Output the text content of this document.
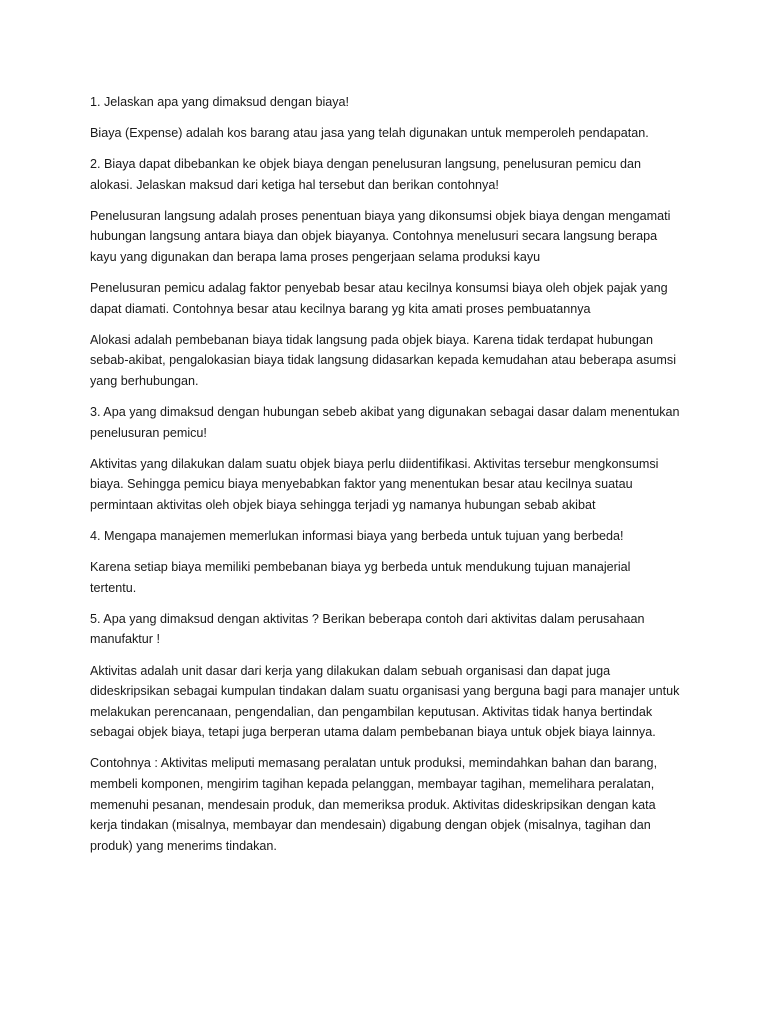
1. Jelaskan apa yang dimaksud dengan biaya!

Biaya (Expense) adalah kos barang atau jasa yang telah digunakan untuk memperoleh pendapatan.

2. Biaya dapat dibebankan ke objek biaya dengan penelusuran langsung, penelusuran pemicu dan
alokasi. Jelaskan maksud dari ketiga hal tersebut dan berikan contohnya!

Penelusuran langsung adalah proses penentuan biaya yang dikonsumsi objek biaya dengan mengamati
hubungan langsung antara biaya dan objek biayanya. Contohnya menelusuri secara langsung berapa
kayu yang digunakan dan berapa lama proses pengerjaan selama produksi kayu

Penelusuran pemicu adalag faktor penyebab besar atau kecilnya konsumsi biaya oleh objek pajak yang
dapat diamati. Contohnya besar atau kecilnya barang yg kita amati proses pembuatannya

Alokasi adalah pembebanan biaya tidak langsung pada objek biaya. Karena tidak terdapat hubungan
sebab-akibat, pengalokasian biaya tidak langsung didasarkan kepada kemudahan atau beberapa asumsi
yang berhubungan.

3. Apa yang dimaksud dengan hubungan sebeb akibat yang digunakan sebagai dasar dalam menentukan
penelusuran pemicu!

Aktivitas yang dilakukan dalam suatu objek biaya perlu diidentifikasi. Aktivitas tersebur mengkonsumsi
biaya. Sehingga pemicu biaya menyebabkan faktor yang menentukan besar atau kecilnya suatau
permintaan aktivitas oleh objek biaya sehingga terjadi yg namanya hubungan sebab akibat

4. Mengapa manajemen memerlukan informasi biaya yang berbeda untuk tujuan yang berbeda!

Karena setiap biaya memiliki pembebanan biaya yg berbeda untuk mendukung tujuan manajerial
tertentu.

5. Apa yang dimaksud dengan aktivitas ? Berikan beberapa contoh dari aktivitas dalam perusahaan
manufaktur !

Aktivitas adalah unit dasar dari kerja yang dilakukan dalam sebuah organisasi dan dapat juga
dideskripsikan sebagai kumpulan tindakan dalam suatu organisasi yang berguna bagi para manajer untuk
melakukan perencanaan, pengendalian, dan pengambilan keputusan. Aktivitas tidak hanya bertindak
sebagai objek biaya, tetapi juga berperan utama dalam pembebanan biaya untuk objek biaya lainnya.

Contohnya : Aktivitas meliputi memasang peralatan untuk produksi, memindahkan bahan dan barang,
membeli komponen, mengirim tagihan kepada pelanggan, membayar tagihan, memelihara peralatan,
memenuhi pesanan, mendesain produk, dan memeriksa produk. Aktivitas dideskripsikan dengan kata
kerja tindakan (misalnya, membayar dan mendesain) digabung dengan objek (misalnya, tagihan dan
produk) yang menerims tindakan.
